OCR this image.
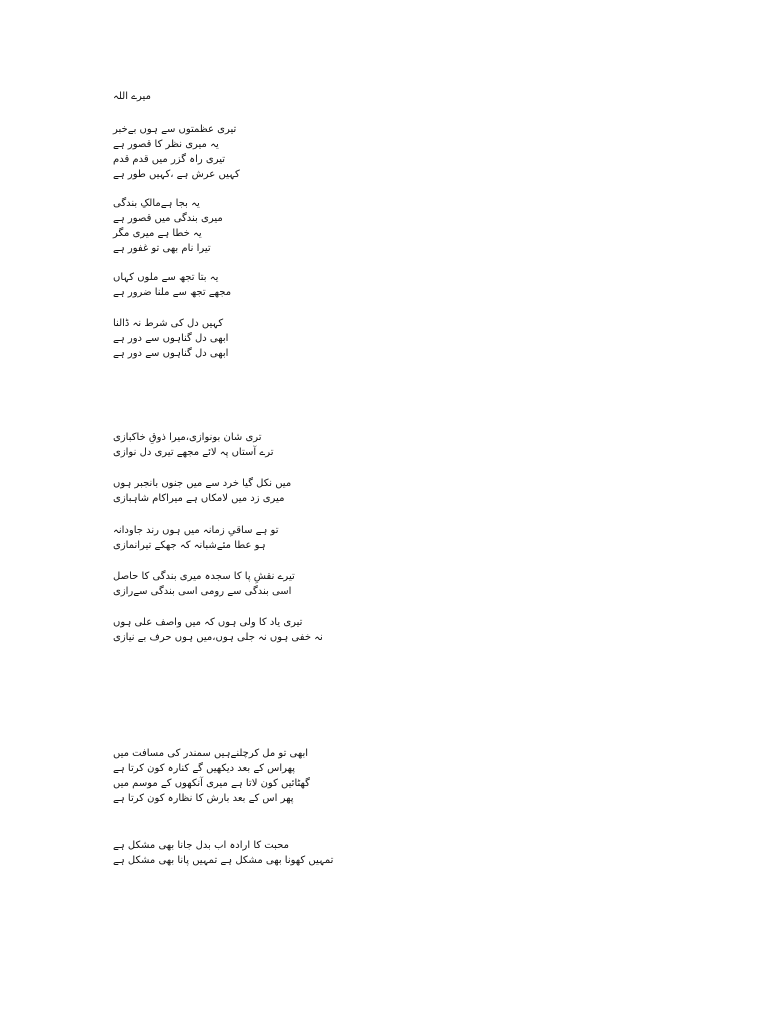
میرے اللہ
تیری عظمتوں سے ہوں بےخبر
یہ میری نظر کا قصور ہے
تیری راہ گزر میں قدم قدم
کہیں عرش ہے ،کہیں طور ہے
یہ بجا ہےمالکِ بندگی
میری بندگی میں قصور ہے
یہ خطا ہے میری مگر
تیرا نام بھی تو غفور ہے
یہ بتا تجھ سے ملوں کہاں
مجھے تجھ سے ملنا ضرور ہے
کہیں دل کی شرط نہ ڈالنا
ابھی دل گناہوں سے دور ہے
ابھی دل گناہوں سے دور ہے
تری شان بونوازی،میرا ذوقِ خاکبازی
ترے آستاں پہ لائے مجھے تیری دل نوازی
میں نکل گیا خرد سے میں جنوں بانجبر ہوں
میری زد میں لامکاں ہے میراکام شاہبازی
تو ہے ساقیِ زمانہ میں ہوں رند جاودانہ
ہو عطا مئےشبانہ کہ جھکے تیرانمازی
تیرے نقشِ پا کا سجدہ میری بندگی کا حاصل
اسی بندگی سے رومی اسی بندگی سےرازی
تیری یاد کا ولی ہوں کہ میں واصف علی ہوں
نہ خفی ہوں نہ جلی ہوں،میں ہوں حرف بے نیازی
ابھی تو مل کرچلنےہیں سمندر کی مسافت میں
پھراس کے بعد دیکھیں گے کنارہ کون کرتا ہے
گھٹائیں کون لاتا ہے میری آنکھوں کے موسم میں
پھر اس کے بعد بارش کا نظارہ کون کرتا ہے
محبت کا ارادہ اب بدل جانا بھی مشکل ہے
تمہیں کھونا بھی مشکل ہے تمہیں پانا بھی مشکل ہے
